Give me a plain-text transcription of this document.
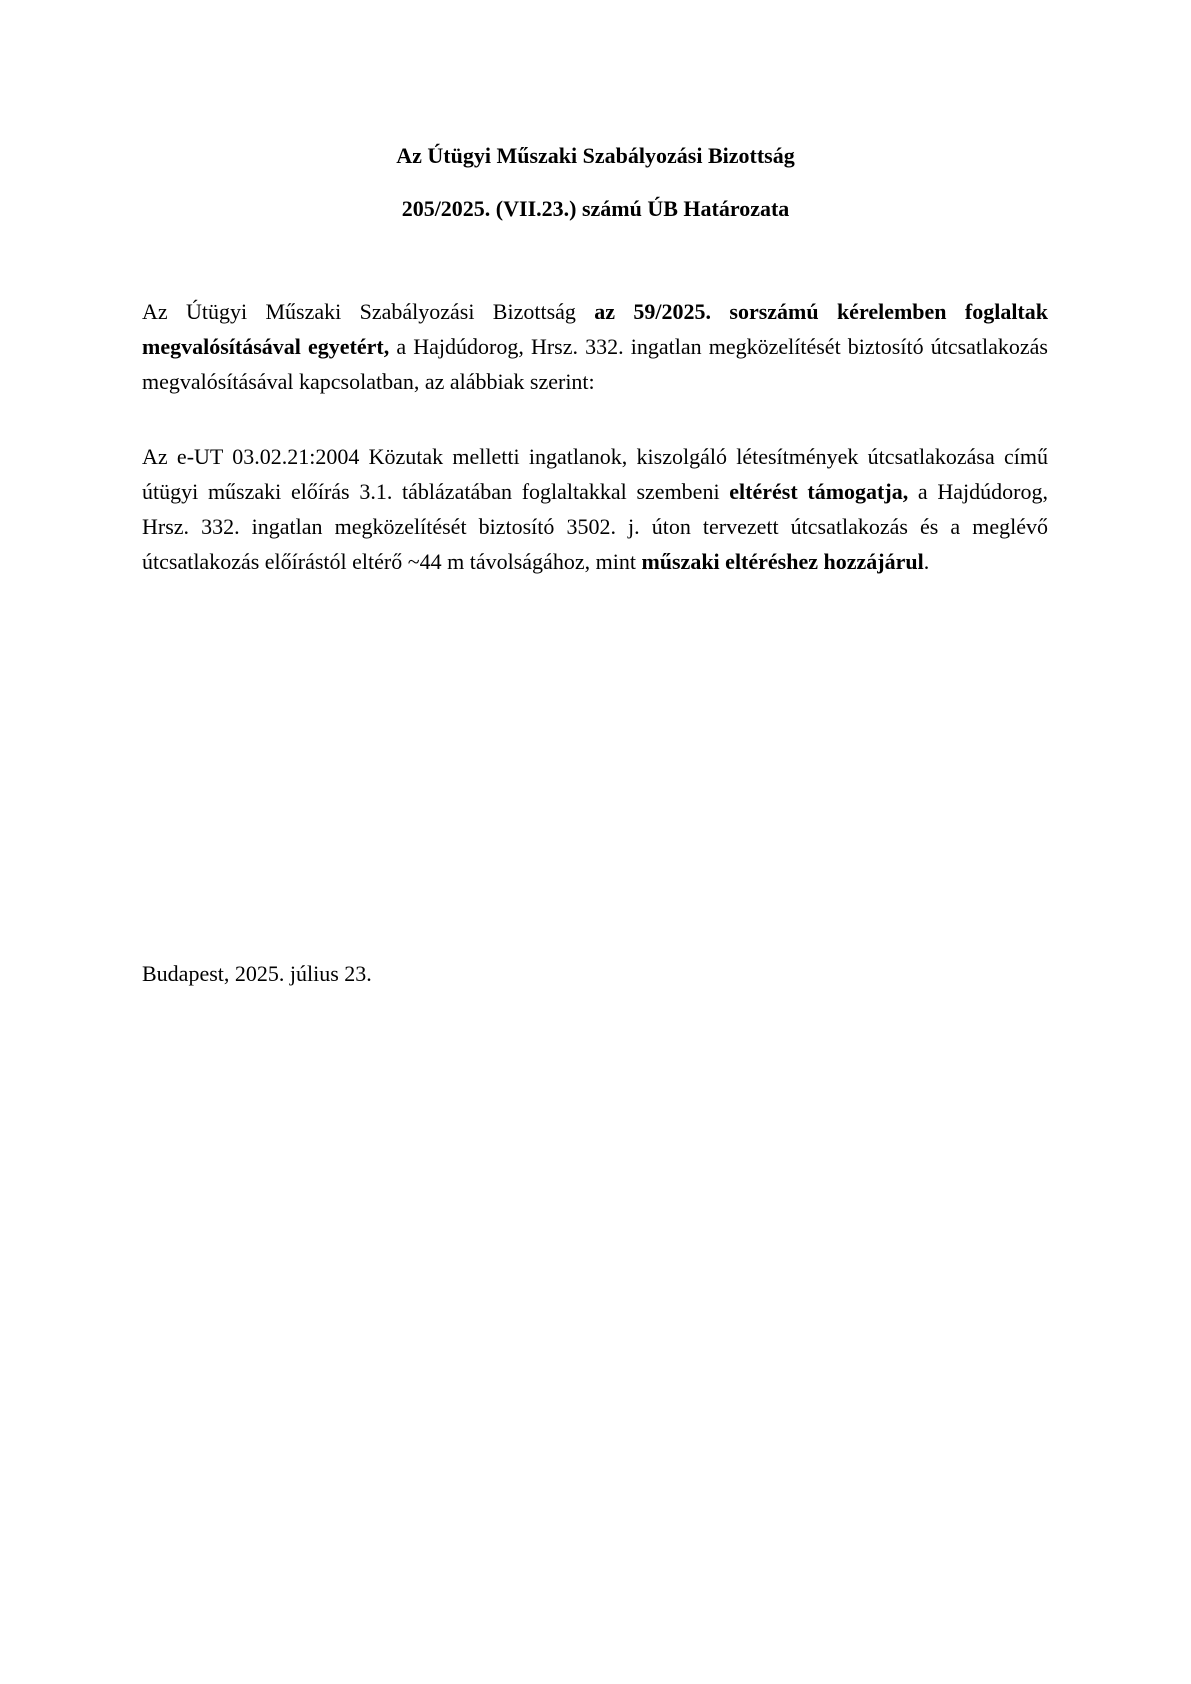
Az Útügyi Műszaki Szabályozási Bizottság
205/2025. (VII.23.) számú ÚB Határozata

Az Útügyi Műszaki Szabályozási Bizottság az 59/2025. sorszámú kérelemben foglaltak megvalósításával egyetért, a Hajdúdorog, Hrsz. 332. ingatlan megközelítését biztosító útcsatlakozás megvalósításával kapcsolatban, az alábbiak szerint:

Az e-UT 03.02.21:2004 Közutak melletti ingatlanok, kiszolgáló létesítmények útcsatlakozása című útügyi műszaki előírás 3.1. táblázatában foglaltakkal szembeni eltérést támogatja, a Hajdúdorog, Hrsz. 332. ingatlan megközelítését biztosító 3502. j. úton tervezett útcsatlakozás és a meglévő útcsatlakozás előírástól eltérő ~44 m távolságához, mint műszaki eltéréshez hozzájárul.

Budapest, 2025. július 23.
